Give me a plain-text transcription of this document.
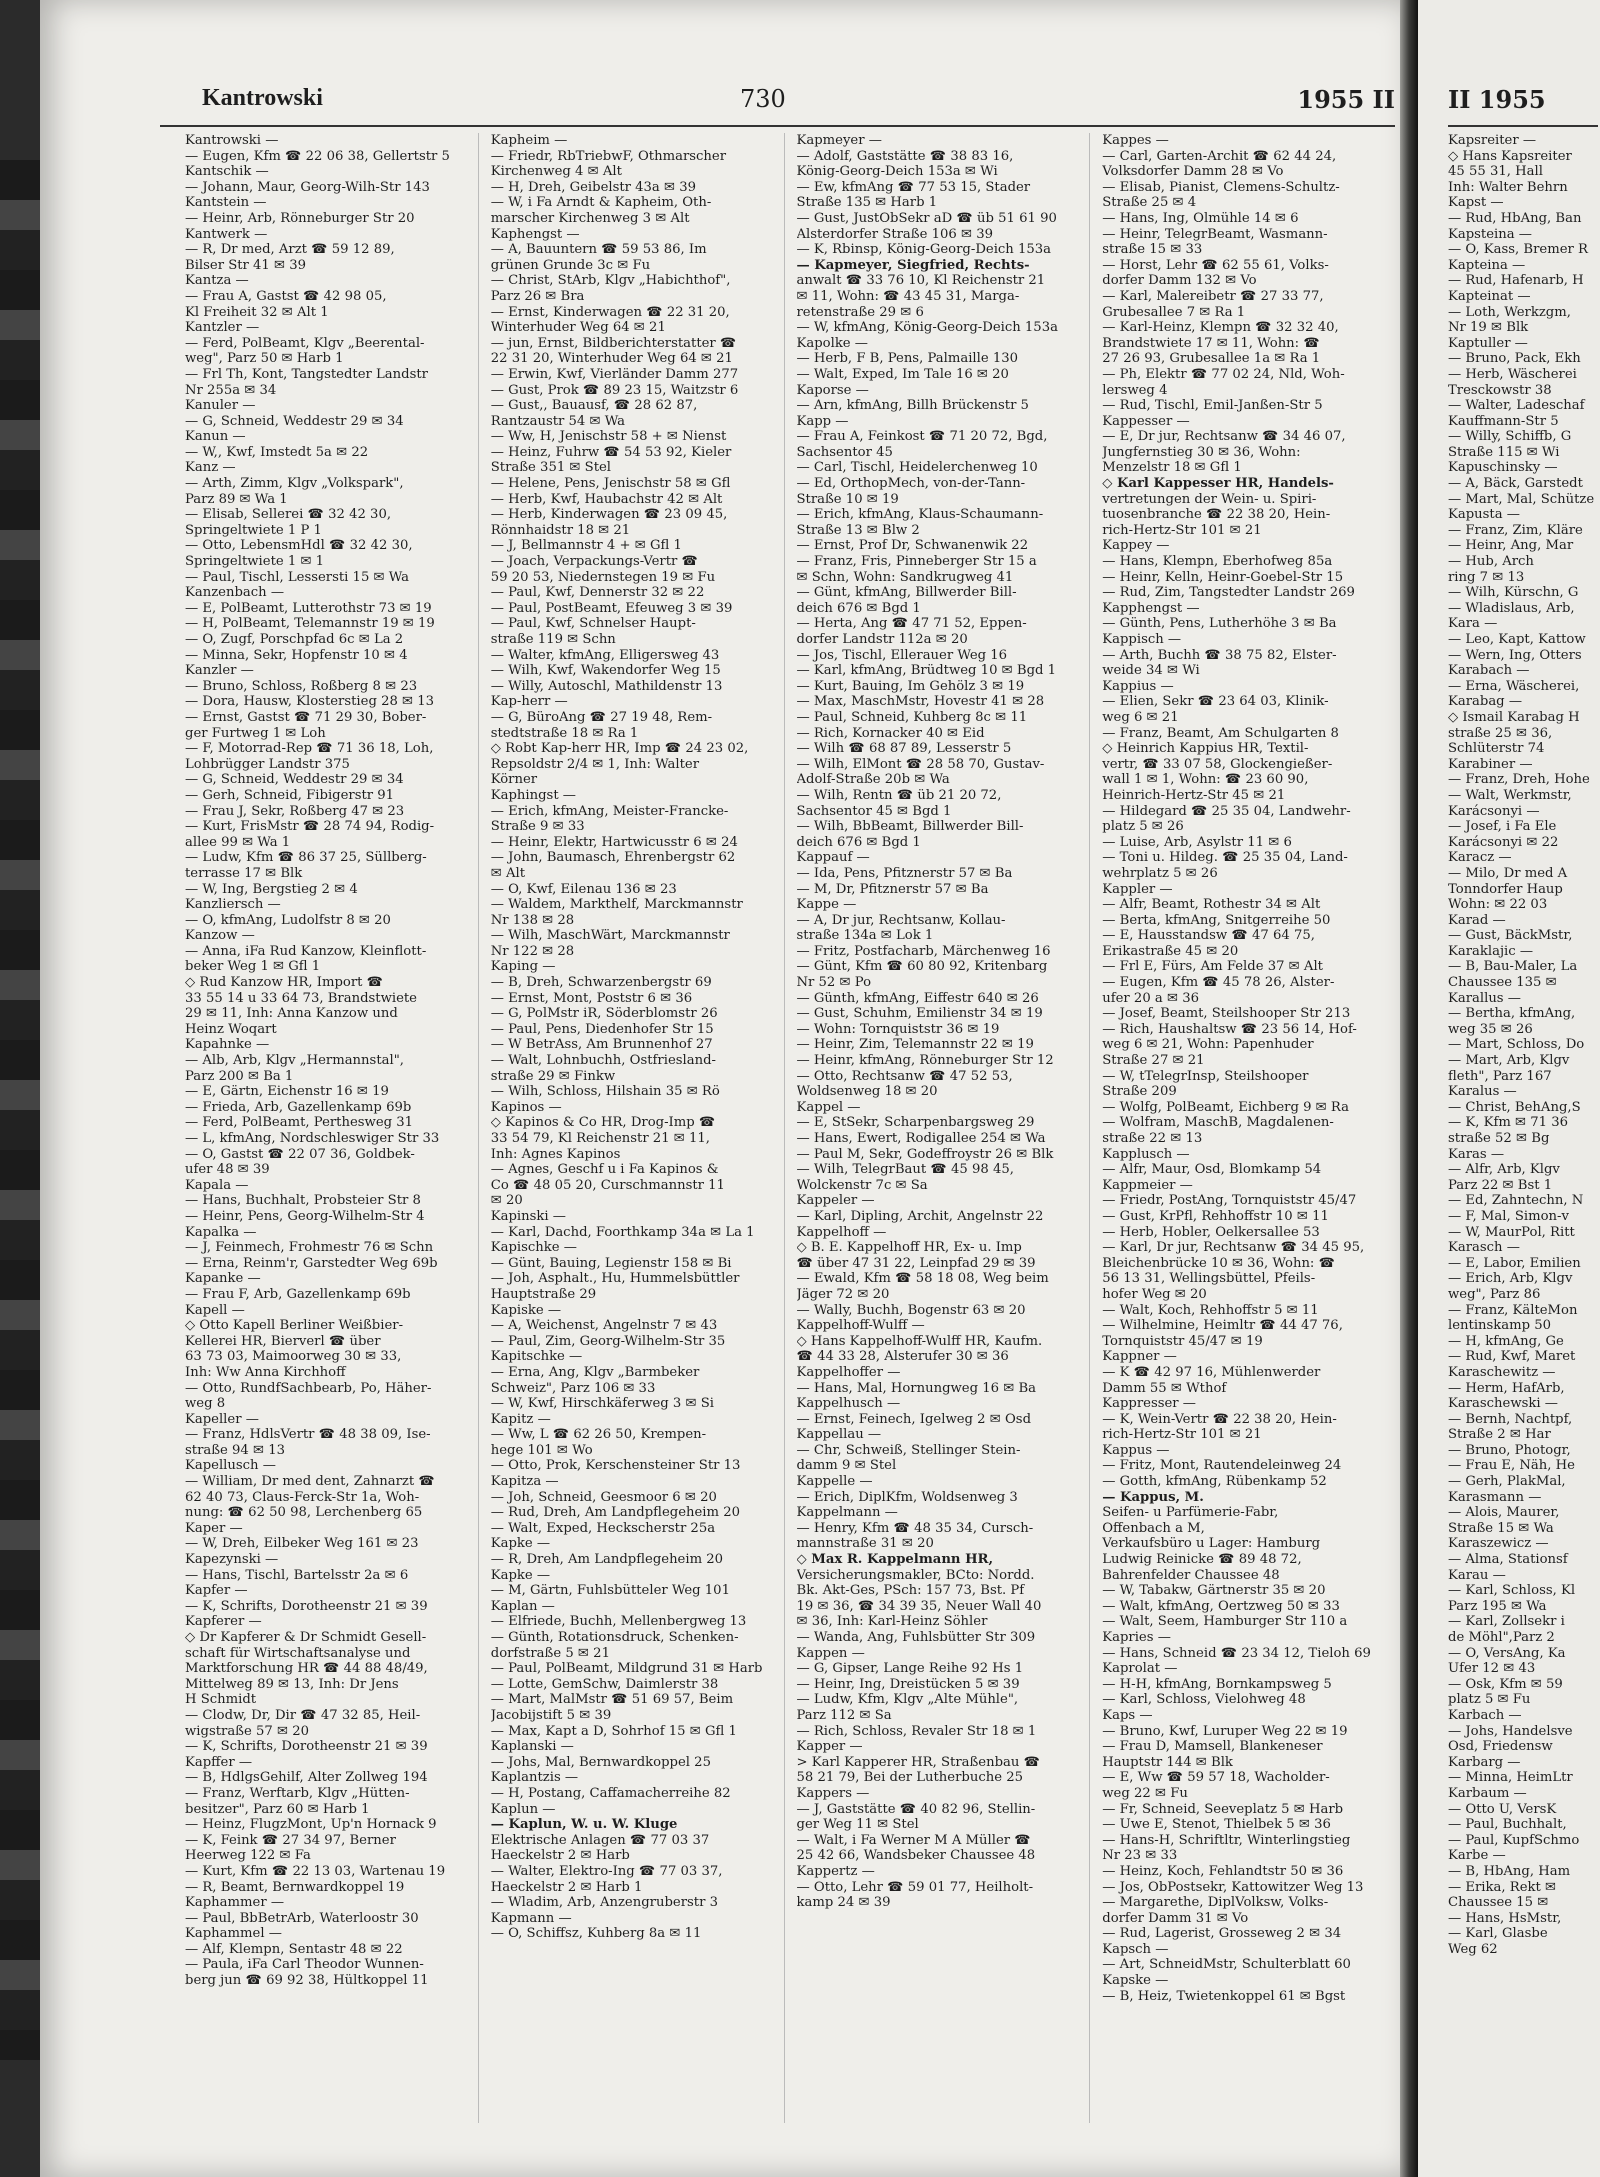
Kantrowski	730	1955 II
Kantrowski —
— Eugen, Kfm ☎ 22 06 38, Gellertstr 5
Kantschik —
— Johann, Maur, Georg-Wilh-Str 143
Kantstein —
— Heinr, Arb, Rönneburger Str 20
Kantwerk —
— R, Dr med, Arzt ☎ 59 12 89,
Bilser Str 41 ✉ 39
Kantza —
— Frau A, Gastst ☎ 42 98 05,
Kl Freiheit 32 ✉ Alt 1
Kantzler —
— Ferd, PolBeamt, Klgv „Beerental-
weg", Parz 50 ✉ Harb 1
— Frl Th, Kont, Tangstedter Landstr
Nr 255a ✉ 34
Kanuler —
— G, Schneid, Weddestr 29 ✉ 34
Kanun —
— W,, Kwf, Imstedt 5a ✉ 22
Kanz —
— Arth, Zimm, Klgv „Volkspark",
Parz 89 ✉ Wa 1
— Elisab, Sellerei ☎ 32 42 30,
Springeltwiete 1 P 1
— Otto, LebensmHdl ☎ 32 42 30,
Springeltwiete 1 ✉ 1
— Paul, Tischl, Lessersti 15 ✉ Wa
Kanzenbach —
— E, PolBeamt, Lutterothstr 73 ✉ 19
— H, PolBeamt, Telemannstr 19 ✉ 19
— O, Zugf, Porschpfad 6c ✉ La 2
— Minna, Sekr, Hopfenstr 10 ✉ 4
Kanzler —
— Bruno, Schloss, Roßberg 8 ✉ 23
— Dora, Hausw, Klosterstieg 28 ✉ 13
— Ernst, Gastst ☎ 71 29 30, Bober-
ger Furtweg 1 ✉ Loh
— F, Motorrad-Rep ☎ 71 36 18, Loh,
Lohbrügger Landstr 375
— G, Schneid, Weddestr 29 ✉ 34
— Gerh, Schneid, Fibigerstr 91
— Frau J, Sekr, Roßberg 47 ✉ 23
— Kurt, FrisMstr ☎ 28 74 94, Rodig-
allee 99 ✉ Wa 1
— Ludw, Kfm ☎ 86 37 25, Süllberg-
terrasse 17 ✉ Blk
— W, Ing, Bergstieg 2 ✉ 4
Kanzliersch —
— O, kfmAng, Ludolfstr 8 ✉ 20
Kanzow —
— Anna, iFa Rud Kanzow, Kleinflott-
beker Weg 1 ✉ Gfl 1
◇ Rud Kanzow HR, Import ☎
33 55 14 u 33 64 73, Brandstwiete
29 ✉ 11, Inh: Anna Kanzow und
Heinz Woqart
Kapahnke —
— Alb, Arb, Klgv „Hermannstal",
Parz 200 ✉ Ba 1
— E, Gärtn, Eichenstr 16 ✉ 19
— Frieda, Arb, Gazellenkamp 69b
— Ferd, PolBeamt, Perthesweg 31
— L, kfmAng, Nordschleswiger Str 33
— O, Gastst ☎ 22 07 36, Goldbek-
ufer 48 ✉ 39
Kapala —
— Hans, Buchhalt, Probsteier Str 8
— Heinr, Pens, Georg-Wilhelm-Str 4
Kapalka —
— J, Feinmech, Frohmestr 76 ✉ Schn
— Erna, Reinm'r, Garstedter Weg 69b
Kapanke —
— Frau F, Arb, Gazellenkamp 69b
Kapell —
◇ Otto Kapell Berliner Weißbier-
Kellerei HR, Bierverl ☎ über
63 73 03, Maimoorweg 30 ✉ 33,
Inh: Ww Anna Kirchhoff
— Otto, RundfSachbearb, Po, Häher-
weg 8
Kapeller —
— Franz, HdlsVertr ☎ 48 38 09, Ise-
straße 94 ✉ 13
Kapellusch —
— William, Dr med dent, Zahnarzt ☎
62 40 73, Claus-Ferck-Str 1a, Woh-
nung: ☎ 62 50 98, Lerchenberg 65
Kaper —
— W, Dreh, Eilbeker Weg 161 ✉ 23
Kapezynski —
— Hans, Tischl, Bartelsstr 2a ✉ 6
Kapfer —
— K, Schrifts, Dorotheenstr 21 ✉ 39
Kapferer —
◇ Dr Kapferer & Dr Schmidt Gesell-
schaft für Wirtschaftsanalyse und
Marktforschung HR ☎ 44 88 48/49,
Mittelweg 89 ✉ 13, Inh: Dr Jens
H Schmidt
— Clodw, Dr, Dir ☎ 47 32 85, Heil-
wigstraße 57 ✉ 20
— K, Schrifts, Dorotheenstr 21 ✉ 39
Kapffer —
— B, HdlgsGehilf, Alter Zollweg 194
— Franz, Werftarb, Klgv „Hütten-
besitzer", Parz 60 ✉ Harb 1
— Heinz, FlugzMont, Up'n Hornack 9
— K, Feink ☎ 27 34 97, Berner
Heerweg 122 ✉ Fa
— Kurt, Kfm ☎ 22 13 03, Wartenau 19
— R, Beamt, Bernwardkoppel 19
Kaphammer —
— Paul, BbBetrArb, Waterloostr 30
Kaphammel —
— Alf, Klempn, Sentastr 48 ✉ 22
— Paula, iFa Carl Theodor Wunnen-
berg jun ☎ 69 92 38, Hültkoppel 11
Kapheim —
— Friedr, RbTriebwF, Othmarscher
Kirchenweg 4 ✉ Alt
— H, Dreh, Geibelstr 43a ✉ 39
— W, i Fa Arndt & Kapheim, Oth-
marscher Kirchenweg 3 ✉ Alt
Kaphengst —
— A, Bauuntern ☎ 59 53 86, Im
grünen Grunde 3c ✉ Fu
— Christ, StArb, Klgv „Habichthof",
Parz 26 ✉ Bra
— Ernst, Kinderwagen ☎ 22 31 20,
Winterhuder Weg 64 ✉ 21
— jun, Ernst, Bildberichterstatter ☎
22 31 20, Winterhuder Weg 64 ✉ 21
— Erwin, Kwf, Vierländer Damm 277
— Gust, Prok ☎ 89 23 15, Waitzstr 6
— Gust,, Bauausf, ☎ 28 62 87,
Rantzaustr 54 ✉ Wa
— Ww, H, Jenischstr 58 + ✉ Nienst
— Heinz, Fuhrw ☎ 54 53 92, Kieler
Straße 351 ✉ Stel
— Helene, Pens, Jenischstr 58 ✉ Gfl
— Herb, Kwf, Haubachstr 42 ✉ Alt
— Herb, Kinderwagen ☎ 23 09 45,
Rönnhaidstr 18 ✉ 21
— J, Bellmannstr 4 + ✉ Gfl 1
— Joach, Verpackungs-Vertr ☎
59 20 53, Niedernstegen 19 ✉ Fu
— Paul, Kwf, Dennerstr 32 ✉ 22
— Paul, PostBeamt, Efeuweg 3 ✉ 39
— Paul, Kwf, Schnelser Haupt-
straße 119 ✉ Schn
— Walter, kfmAng, Elligersweg 43
— Wilh, Kwf, Wakendorfer Weg 15
— Willy, Autoschl, Mathildenstr 13
Kap-herr —
— G, BüroAng ☎ 27 19 48, Rem-
stedtstraße 18 ✉ Ra 1
◇ Robt Kap-herr HR, Imp ☎ 24 23 02,
Repsoldstr 2/4 ✉ 1, Inh: Walter
Körner
Kaphingst —
— Erich, kfmAng, Meister-Francke-
Straße 9 ✉ 33
— Heinr, Elektr, Hartwicusstr 6 ✉ 24
— John, Baumasch, Ehrenbergstr 62
✉ Alt
— O, Kwf, Eilenau 136 ✉ 23
— Waldem, Markthelf, Marckmannstr
Nr 138 ✉ 28
— Wilh, MaschWärt, Marckmannstr
Nr 122 ✉ 28
Kaping —
— B, Dreh, Schwarzenbergstr 69
— Ernst, Mont, Poststr 6 ✉ 36
— G, PolMstr iR, Söderblomstr 26
— Paul, Pens, Diedenhofer Str 15
— W BetrAss, Am Brunnenhof 27
— Walt, Lohnbuchh, Ostfriesland-
straße 29 ✉ Finkw
— Wilh, Schloss, Hilshain 35 ✉ Rö
Kapinos —
◇ Kapinos & Co HR, Drog-Imp ☎
33 54 79, Kl Reichenstr 21 ✉ 11,
Inh: Agnes Kapinos
— Agnes, Geschf u i Fa Kapinos &
Co ☎ 48 05 20, Curschmannstr 11
✉ 20
Kapinski —
— Karl, Dachd, Foorthkamp 34a ✉ La 1
Kapischke —
— Günt, Bauing, Legienstr 158 ✉ Bi
— Joh, Asphalt., Hu, Hummelsbüttler
Hauptstraße 29
Kapiske —
— A, Weichenst, Angelnstr 7 ✉ 43
— Paul, Zim, Georg-Wilhelm-Str 35
Kapitschke —
— Erna, Ang, Klgv „Barmbeker
Schweiz", Parz 106 ✉ 33
— W, Kwf, Hirschkäferweg 3 ✉ Si
Kapitz —
— Ww, L ☎ 62 26 50, Krempen-
hege 101 ✉ Wo
— Otto, Prok, Kerschensteiner Str 13
Kapitza —
— Joh, Schneid, Geesmoor 6 ✉ 20
— Rud, Dreh, Am Landpflegeheim 20
— Walt, Exped, Heckscherstr 25a
Kapke —
— R, Dreh, Am Landpflegeheim 20
Kapke —
— M, Gärtn, Fuhlsbütteler Weg 101
Kaplan —
— Elfriede, Buchh, Mellenbergweg 13
— Günth, Rotationsdruck, Schenken-
dorfstraße 5 ✉ 21
— Paul, PolBeamt, Mildgrund 31 ✉ Harb
— Lotte, GemSchw, Daimlerstr 38
— Mart, MalMstr ☎ 51 69 57, Beim
Jacobijstift 5 ✉ 39
— Max, Kapt a D, Sohrhof 15 ✉ Gfl 1
Kaplanski —
— Johs, Mal, Bernwardkoppel 25
Kaplantzis —
— H, Postang, Caffamacherreihe 82
Kaplun —
— Kaplun, W. u. W. Kluge
Elektrische Anlagen ☎ 77 03 37
Haeckelstr 2 ✉ Harb
— Walter, Elektro-Ing ☎ 77 03 37,
Haeckelstr 2 ✉ Harb 1
— Wladim, Arb, Anzengruberstr 3
Kapmann —
— O, Schiffsz, Kuhberg 8a ✉ 11
Kapmeyer —
— Adolf, Gaststätte ☎ 38 83 16,
König-Georg-Deich 153a ✉ Wi
— Ew, kfmAng ☎ 77 53 15, Stader
Straße 135 ✉ Harb 1
— Gust, JustObSekr aD ☎ üb 51 61 90
Alsterdorfer Straße 106 ✉ 39
— K, Rbinsp, König-Georg-Deich 153a
— Kapmeyer, Siegfried, Rechts-
anwalt ☎ 33 76 10, Kl Reichenstr 21
✉ 11, Wohn: ☎ 43 45 31, Marga-
retenstraße 29 ✉ 6
— W, kfmAng, König-Georg-Deich 153a
Kapolke —
— Herb, F B, Pens, Palmaille 130
— Walt, Exped, Im Tale 16 ✉ 20
Kaporse —
— Arn, kfmAng, Billh Brückenstr 5
Kapp —
— Frau A, Feinkost ☎ 71 20 72, Bgd,
Sachsentor 45
— Carl, Tischl, Heidelerchenweg 10
— Ed, OrthopMech, von-der-Tann-
Straße 10 ✉ 19
— Erich, kfmAng, Klaus-Schaumann-
Straße 13 ✉ Blw 2
— Ernst, Prof Dr, Schwanenwik 22
— Franz, Fris, Pinneberger Str 15 a
✉ Schn, Wohn: Sandkrugweg 41
— Günt, kfmAng, Billwerder Bill-
deich 676 ✉ Bgd 1
— Herta, Ang ☎ 47 71 52, Eppen-
dorfer Landstr 112a ✉ 20
— Jos, Tischl, Ellerauer Weg 16
— Karl, kfmAng, Brüdtweg 10 ✉ Bgd 1
— Kurt, Bauing, Im Gehölz 3 ✉ 19
— Max, MaschMstr, Hovestr 41 ✉ 28
— Paul, Schneid, Kuhberg 8c ✉ 11
— Rich, Kornacker 40 ✉ Eid
— Wilh ☎ 68 87 89, Lesserstr 5
— Wilh, ElMont ☎ 28 58 70, Gustav-
Adolf-Straße 20b ✉ Wa
— Wilh, Rentn ☎ üb 21 20 72,
Sachsentor 45 ✉ Bgd 1
— Wilh, BbBeamt, Billwerder Bill-
deich 676 ✉ Bgd 1
Kappauf —
— Ida, Pens, Pfitznerstr 57 ✉ Ba
— M, Dr, Pfitznerstr 57 ✉ Ba
Kappe —
— A, Dr jur, Rechtsanw, Kollau-
straße 134a ✉ Lok 1
— Fritz, Postfacharb, Märchenweg 16
— Günt, Kfm ☎ 60 80 92, Kritenbarg
Nr 52 ✉ Po
— Günth, kfmAng, Eiffestr 640 ✉ 26
— Gust, Schuhm, Emilienstr 34 ✉ 19
— Wohn: Tornquiststr 36 ✉ 19
— Heinr, Zim, Telemannstr 22 ✉ 19
— Heinr, kfmAng, Rönneburger Str 12
— Otto, Rechtsanw ☎ 47 52 53,
Woldsenweg 18 ✉ 20
Kappel —
— E, StSekr, Scharpenbargsweg 29
— Hans, Ewert, Rodigallee 254 ✉ Wa
— Paul M, Sekr, Godeffroystr 26 ✉ Blk
— Wilh, TelegrBaut ☎ 45 98 45,
Wolckenstr 7c ✉ Sa
Kappeler —
— Karl, Dipling, Archit, Angelnstr 22
Kappelhoff —
◇ B. E. Kappelhoff HR, Ex- u. Imp
☎ über 47 31 22, Leinpfad 29 ✉ 39
— Ewald, Kfm ☎ 58 18 08, Weg beim
Jäger 72 ✉ 20
— Wally, Buchh, Bogenstr 63 ✉ 20
Kappelhoff-Wulff —
◇ Hans Kappelhoff-Wulff HR, Kaufm.
☎ 44 33 28, Alsterufer 30 ✉ 36
Kappelhoffer —
— Hans, Mal, Hornungweg 16 ✉ Ba
Kappelhusch —
— Ernst, Feinech, Igelweg 2 ✉ Osd
Kappellau —
— Chr, Schweiß, Stellinger Stein-
damm 9 ✉ Stel
Kappelle —
— Erich, DiplKfm, Woldsenweg 3
Kappelmann —
— Henry, Kfm ☎ 48 35 34, Cursch-
mannstraße 31 ✉ 20
◇ Max R. Kappelmann HR,
Versicherungsmakler, BCto: Nordd.
Bk. Akt-Ges, PSch: 157 73, Bst. Pf
19 ✉ 36, ☎ 34 39 35, Neuer Wall 40
✉ 36, Inh: Karl-Heinz Söhler
— Wanda, Ang, Fuhlsbütter Str 309
Kappen —
— G, Gipser, Lange Reihe 92 Hs 1
— Heinr, Ing, Dreistücken 5 ✉ 39
— Ludw, Kfm, Klgv „Alte Mühle",
Parz 112 ✉ Sa
— Rich, Schloss, Revaler Str 18 ✉ 1
Kapper —
> Karl Kapperer HR, Straßenbau ☎
58 21 79, Bei der Lutherbuche 25
Kappers —
— J, Gaststätte ☎ 40 82 96, Stellin-
ger Weg 11 ✉ Stel
— Walt, i Fa Werner M A Müller ☎
25 42 66, Wandsbeker Chaussee 48
Kappertz —
— Otto, Lehr ☎ 59 01 77, Heilholt-
kamp 24 ✉ 39
Kappes —
— Carl, Garten-Archit ☎ 62 44 24,
Volksdorfer Damm 28 ✉ Vo
— Elisab, Pianist, Clemens-Schultz-
Straße 25 ✉ 4
— Hans, Ing, Olmühle 14 ✉ 6
— Heinr, TelegrBeamt, Wasmann-
straße 15 ✉ 33
— Horst, Lehr ☎ 62 55 61, Volks-
dorfer Damm 132 ✉ Vo
— Karl, Malereibetr ☎ 27 33 77,
Grubesallee 7 ✉ Ra 1
— Karl-Heinz, Klempn ☎ 32 32 40,
Brandstwiete 17 ✉ 11, Wohn: ☎
27 26 93, Grubesallee 1a ✉ Ra 1
— Ph, Elektr ☎ 77 02 24, Nld, Woh-
lersweg 4
— Rud, Tischl, Emil-Janßen-Str 5
Kappesser —
— E, Dr jur, Rechtsanw ☎ 34 46 07,
Jungfernstieg 30 ✉ 36, Wohn:
Menzelstr 18 ✉ Gfl 1
◇ Karl Kappesser HR, Handels-
vertretungen der Wein- u. Spiri-
tuosenbranche ☎ 22 38 20, Hein-
rich-Hertz-Str 101 ✉ 21
Kappey —
— Hans, Klempn, Eberhofweg 85a
— Heinr, Kelln, Heinr-Goebel-Str 15
— Rud, Zim, Tangstedter Landstr 269
Kapphengst —
— Günth, Pens, Lutherhöhe 3 ✉ Ba
Kappisch —
— Arth, Buchh ☎ 38 75 82, Elster-
weide 34 ✉ Wi
Kappius —
— Elien, Sekr ☎ 23 64 03, Klinik-
weg 6 ✉ 21
— Franz, Beamt, Am Schulgarten 8
◇ Heinrich Kappius HR, Textil-
vertr, ☎ 33 07 58, Glockengießer-
wall 1 ✉ 1, Wohn: ☎ 23 60 90,
Heinrich-Hertz-Str 45 ✉ 21
— Hildegard ☎ 25 35 04, Landwehr-
platz 5 ✉ 26
— Luise, Arb, Asylstr 11 ✉ 6
— Toni u. Hildeg. ☎ 25 35 04, Land-
wehrplatz 5 ✉ 26
Kappler —
— Alfr, Beamt, Rothestr 34 ✉ Alt
— Berta, kfmAng, Snitgerreihe 50
— E, Hausstandsw ☎ 47 64 75,
Erikastraße 45 ✉ 20
— Frl E, Fürs, Am Felde 37 ✉ Alt
— Eugen, Kfm ☎ 45 78 26, Alster-
ufer 20 a ✉ 36
— Josef, Beamt, Steilshooper Str 213
— Rich, Haushaltsw ☎ 23 56 14, Hof-
weg 6 ✉ 21, Wohn: Papenhuder
Straße 27 ✉ 21
— W, tTelegrInsp, Steilshooper
Straße 209
— Wolfg, PolBeamt, Eichberg 9 ✉ Ra
— Wolfram, MaschB, Magdalenen-
straße 22 ✉ 13
Kapplusch —
— Alfr, Maur, Osd, Blomkamp 54
Kappmeier —
— Friedr, PostAng, Tornquiststr 45/47
— Gust, KrPfl, Rehhoffstr 10 ✉ 11
— Herb, Hobler, Oelkersallee 53
— Karl, Dr jur, Rechtsanw ☎ 34 45 95,
Bleichenbrücke 10 ✉ 36, Wohn: ☎
56 13 31, Wellingsbüttel, Pfeils-
hofer Weg ✉ 20
— Walt, Koch, Rehhoffstr 5 ✉ 11
— Wilhelmine, Heimltr ☎ 44 47 76,
Tornquiststr 45/47 ✉ 19
Kappner —
— K ☎ 42 97 16, Mühlenwerder
Damm 55 ✉ Wthof
Kappresser —
— K, Wein-Vertr ☎ 22 38 20, Hein-
rich-Hertz-Str 101 ✉ 21
Kappus —
— Fritz, Mont, Rautendeleinweg 24
— Gotth, kfmAng, Rübenkamp 52
— Kappus, M.
Seifen- u Parfümerie-Fabr,
Offenbach a M,
Verkaufsbüro u Lager: Hamburg
Ludwig Reinicke ☎ 89 48 72,
Bahrenfelder Chaussee 48
— W, Tabakw, Gärtnerstr 35 ✉ 20
— Walt, kfmAng, Oertzweg 50 ✉ 33
— Walt, Seem, Hamburger Str 110 a
Kapries —
— Hans, Schneid ☎ 23 34 12, Tieloh 69
Kaprolat —
— H-H, kfmAng, Bornkampsweg 5
— Karl, Schloss, Vielohweg 48
Kaps —
— Bruno, Kwf, Luruper Weg 22 ✉ 19
— Frau D, Mamsell, Blankeneser
Hauptstr 144 ✉ Blk
— E, Ww ☎ 59 57 18, Wacholder-
weg 22 ✉ Fu
— Fr, Schneid, Seeveplatz 5 ✉ Harb
— Uwe E, Stenot, Thielbek 5 ✉ 36
— Hans-H, Schriftltr, Winterlingstieg
Nr 23 ✉ 33
— Heinz, Koch, Fehlandtstr 50 ✉ 36
— Jos, ObPostsekr, Kattowitzer Weg 13
— Margarethe, DiplVolksw, Volks-
dorfer Damm 31 ✉ Vo
— Rud, Lagerist, Grosseweg 2 ✉ 34
Kapsch —
— Art, SchneidMstr, Schulterblatt 60
Kapske —
— B, Heiz, Twietenkoppel 61 ✉ Bgst
II 1955
Kapsreiter —
◇ Hans Kapsreiter
45 55 31, Hall
Inh: Walter Behrn
Kapst —
— Rud, HbAng, Ban
Kapsteina —
— O, Kass, Bremer R
Kapteina —
— Rud, Hafenarb, H
Kapteinat —
— Loth, Werkzgm,
Nr 19 ✉ Blk
Kaptuller —
— Bruno, Pack, Ekh
— Herb, Wäscherei
Tresckowstr 38
— Walter, Ladeschaf
Kauffmann-Str 5
— Willy, Schiffb, G
Straße 115 ✉ Wi
Kapuschinsky —
— A, Bäck, Garstedt
— Mart, Mal, Schütze
Kapusta —
— Franz, Zim, Kläre
— Heinr, Ang, Mar
— Hub, Arch
ring 7 ✉ 13
— Wilh, Kürschn, G
— Wladislaus, Arb,
Kara —
— Leo, Kapt, Kattow
— Wern, Ing, Otters
Karabach —
— Erna, Wäscherei,
Karabag —
◇ Ismail Karabag H
straße 25 ✉ 36,
Schlüterstr 74
Karabiner —
— Franz, Dreh, Hohe
— Walt, Werkmstr,
Karácsonyi —
— Josef, i Fa Ele
Karácsonyi ✉ 22
Karacz —
— Milo, Dr med A
Tonndorfer Haup
Wohn: ✉ 22 03
Karad —
— Gust, BäckMstr,
Karaklajic —
— B, Bau-Maler, La
Chaussee 135 ✉
Karallus —
— Bertha, kfmAng,
weg 35 ✉ 26
— Mart, Schloss, Do
— Mart, Arb, Klgv
fleth", Parz 167
Karalus —
— Christ, BehAng,S
— K, Kfm ✉ 71 36
straße 52 ✉ Bg
Karas —
— Alfr, Arb, Klgv
Parz 22 ✉ Bst 1
— Ed, Zahntechn, N
— F, Mal, Simon-v
— W, MaurPol, Ritt
Karasch —
— E, Labor, Emilien
— Erich, Arb, Klgv
weg", Parz 86
— Franz, KälteMon
lentinskamp 50
— H, kfmAng, Ge
— Rud, Kwf, Maret
Karaschewitz —
— Herm, HafArb,
Karaschewski —
— Bernh, Nachtpf,
Straße 2 ✉ Har
— Bruno, Photogr,
— Frau E, Näh, He
— Gerh, PlakMal,
Karasmann —
— Alois, Maurer,
Straße 15 ✉ Wa
Karaszewicz —
— Alma, Stationsf
Karau —
— Karl, Schloss, Kl
Parz 195 ✉ Wa
— Karl, Zollsekr i
de Möhl",Parz 2
— O, VersAng, Ka
Ufer 12 ✉ 43
— Osk, Kfm ✉ 59
platz 5 ✉ Fu
Karbach —
— Johs, Handelsve
Osd, Friedensw
Karbarg —
— Minna, HeimLtr
Karbaum —
— Otto U, VersK
— Paul, Buchhalt,
— Paul, KupfSchmo
Karbe —
— B, HbAng, Ham
— Erika, Rekt ✉
Chaussee 15 ✉
— Hans, HsMstr,
— Karl, Glasbe
Weg 62
